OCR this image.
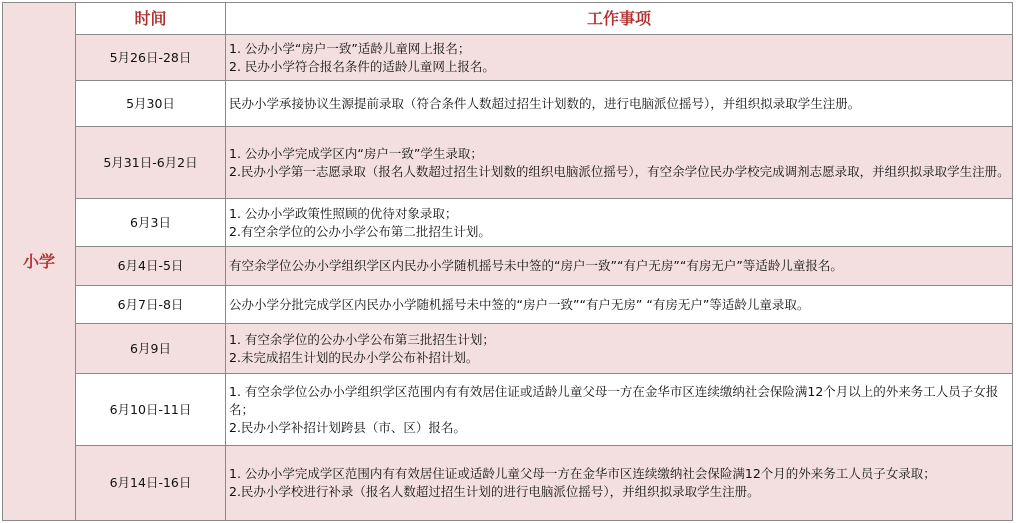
小学	时间	工作事项
	5月26日-28日	1. 公办小学“房户一致”适龄儿童网上报名；
2. 民办小学符合报名条件的适龄儿童网上报名。

	5月30日	民办小学承接协议生源提前录取（符合条件人数超过招生计划数的，进行电脑派位摇号），并组织拟录取学生注册。

	5月31日-6月2日	1. 公办小学完成学区内“房户一致”学生录取；
2.民办小学第一志愿录取（报名人数超过招生计划数的组织电脑派位摇号），有空余学位民办学校完成调剂志愿录取，并组织拟录取学生注册。

	6月3日	1. 公办小学政策性照顾的优待对象录取；
2.有空余学位的公办小学公布第二批招生计划。

	6月4日-5日	有空余学位公办小学组织学区内民办小学随机摇号未中签的“房户一致”“有户无房”“有房无户”等适龄儿童报名。

	6月7日-8日	公办小学分批完成学区内民办小学随机摇号未中签的“房户一致”“有户无房” “有房无户”等适龄儿童录取。

	6月9日	1. 有空余学位的公办小学公布第三批招生计划；
2.未完成招生计划的民办小学公布补招计划。

	6月10日-11日	1. 有空余学位公办小学组织学区范围内有有效居住证或适龄儿童父母一方在金华市区连续缴纳社会保险满12个月以上的外来务工人员子女报名；
2.民办小学补招计划跨县（市、区）报名。

	6月14日-16日	1. 公办小学完成学区范围内有有效居住证或适龄儿童父母一方在金华市区连续缴纳社会保险满12个月的外来务工人员子女录取；
2.民办小学校进行补录（报名人数超过招生计划的进行电脑派位摇号），并组织拟录取学生注册。
